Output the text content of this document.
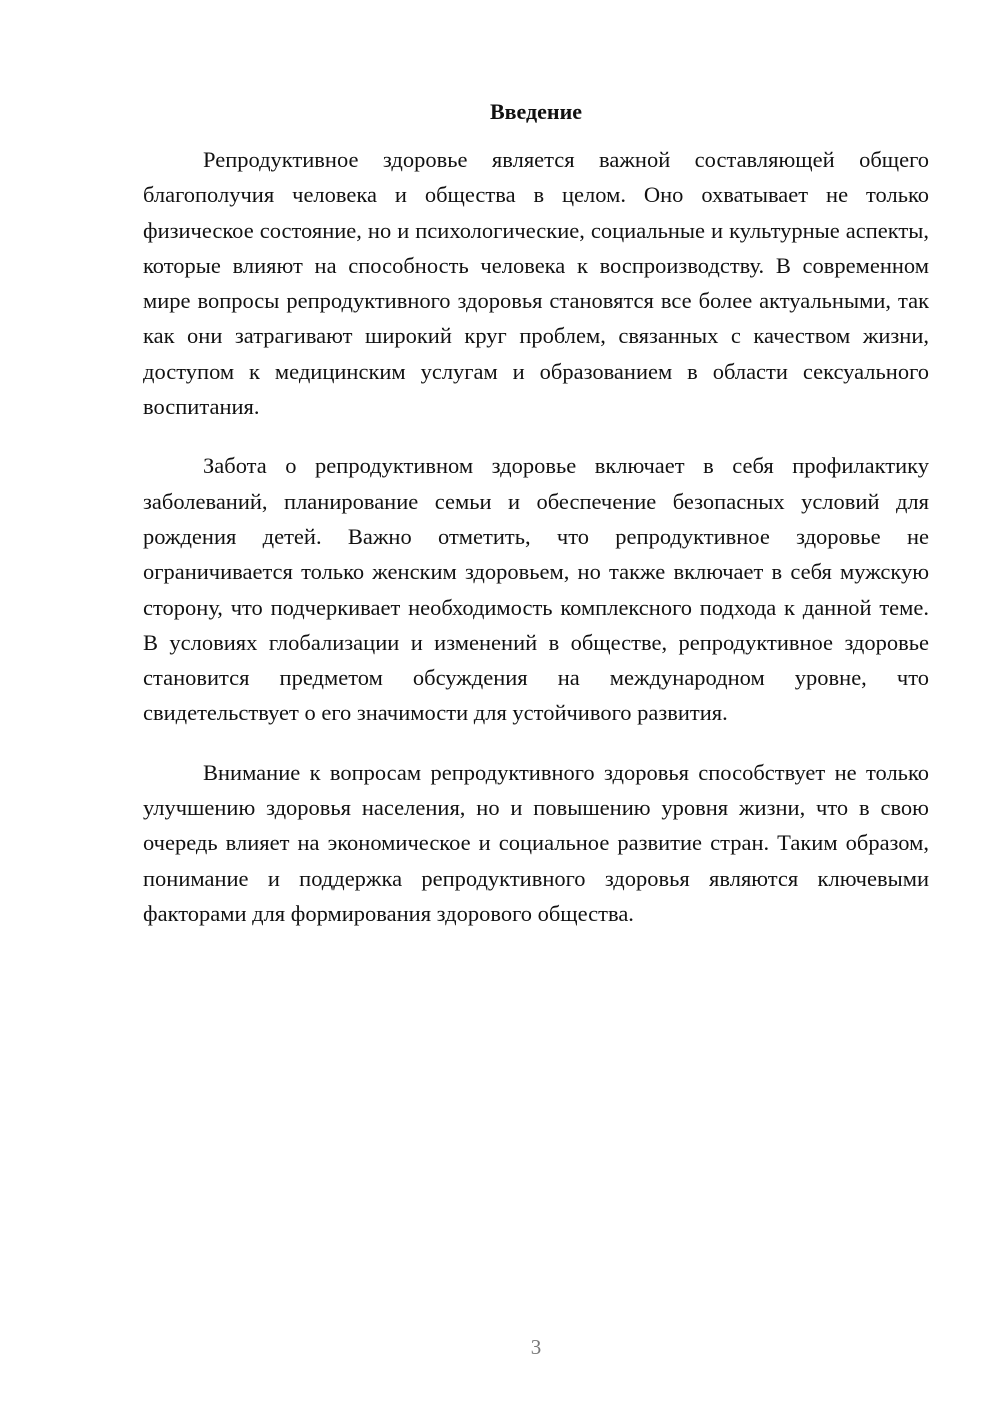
Введение

Репродуктивное здоровье является важной составляющей общего благополучия человека и общества в целом. Оно охватывает не только физическое состояние, но и психологические, социальные и культурные аспекты, которые влияют на способность человека к воспроизводству. В современном мире вопросы репродуктивного здоровья становятся все более актуальными, так как они затрагивают широкий круг проблем, связанных с качеством жизни, доступом к медицинским услугам и образованием в области сексуального воспитания.

Забота о репродуктивном здоровье включает в себя профилактику заболеваний, планирование семьи и обеспечение безопасных условий для рождения детей. Важно отметить, что репродуктивное здоровье не ограничивается только женским здоровьем, но также включает в себя мужскую сторону, что подчеркивает необходимость комплексного подхода к данной теме. В условиях глобализации и изменений в обществе, репродуктивное здоровье становится предметом обсуждения на международном уровне, что свидетельствует о его значимости для устойчивого развития.

Внимание к вопросам репродуктивного здоровья способствует не только улучшению здоровья населения, но и повышению уровня жизни, что в свою очередь влияет на экономическое и социальное развитие стран. Таким образом, понимание и поддержка репродуктивного здоровья являются ключевыми факторами для формирования здорового общества.

3
